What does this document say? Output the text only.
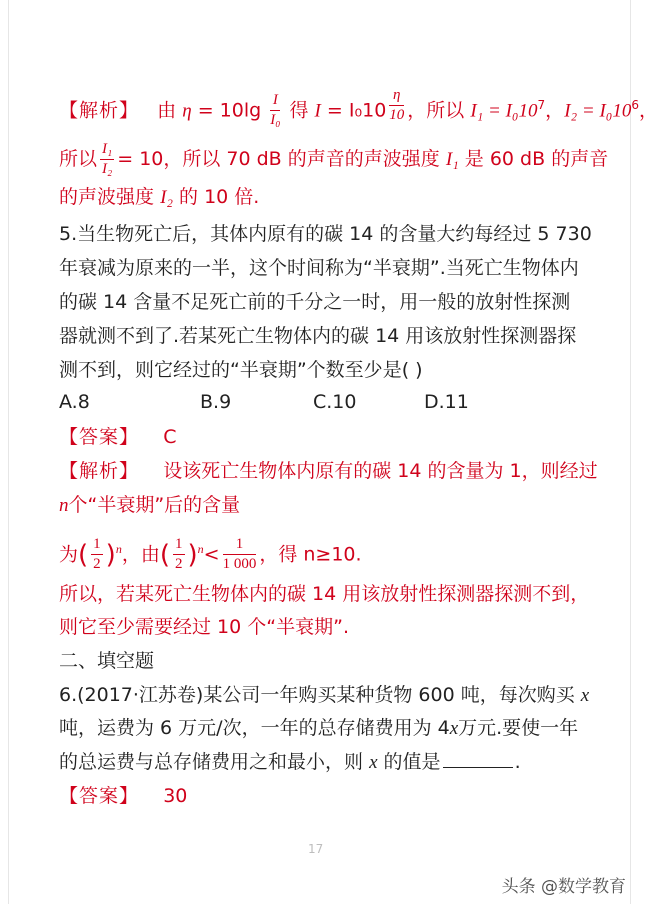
【解析】 由 $\eta = 10\lg \frac{I}{\text{I₀}}$ 得 $I = I_010 \frac{\eta}{10}$ ，所以 $I_1 = I_010^7$，$I_2 = I_010^6$，
所以 $\frac{\text{I₁}}{\text{I₂}} = 10$，所以 70 dB 的声音的声波强度 I₁ 是 60 dB 的声音
的声波强度 I₂ 的 10 倍.
5.当生物死亡后，其体内原有的碳 14 的含量大约每经过 5 730
年衰减为原来的一半，这个时间称为“半衰期”.当死亡生物体内
的碳 14 含量不足死亡前的千分之一时，用一般的放射性探测
器就测不到了.若某死亡生物体内的碳 14 用该放射性探测器探
测不到，则它经过的“半衰期”个数至少是( )
A.8	B.9	C.10	D.11
【答案】 C
【解析】 设该死亡生物体内原有的碳 14 的含量为 1，则经过
n个“半衰期”后的含量
为( $\frac{1}{2} )^n$，由( $\frac{1}{2} )^n< \frac{1}{1 000}$ ，得 n≥10.
所以，若某死亡生物体内的碳 14 用该放射性探测器探测不到，
则它至少需要经过 10 个“半衰期”.
二、填空题
6.(2017·江苏卷)某公司一年购买某种货物 600 吨，每次购买 x
吨，运费为 6 万元/次，一年的总存储费用为 4x万元.要使一年
的总运费与总存储费用之和最小，则 x 的值是	.
【答案】 30
17
头条 @数学教育
